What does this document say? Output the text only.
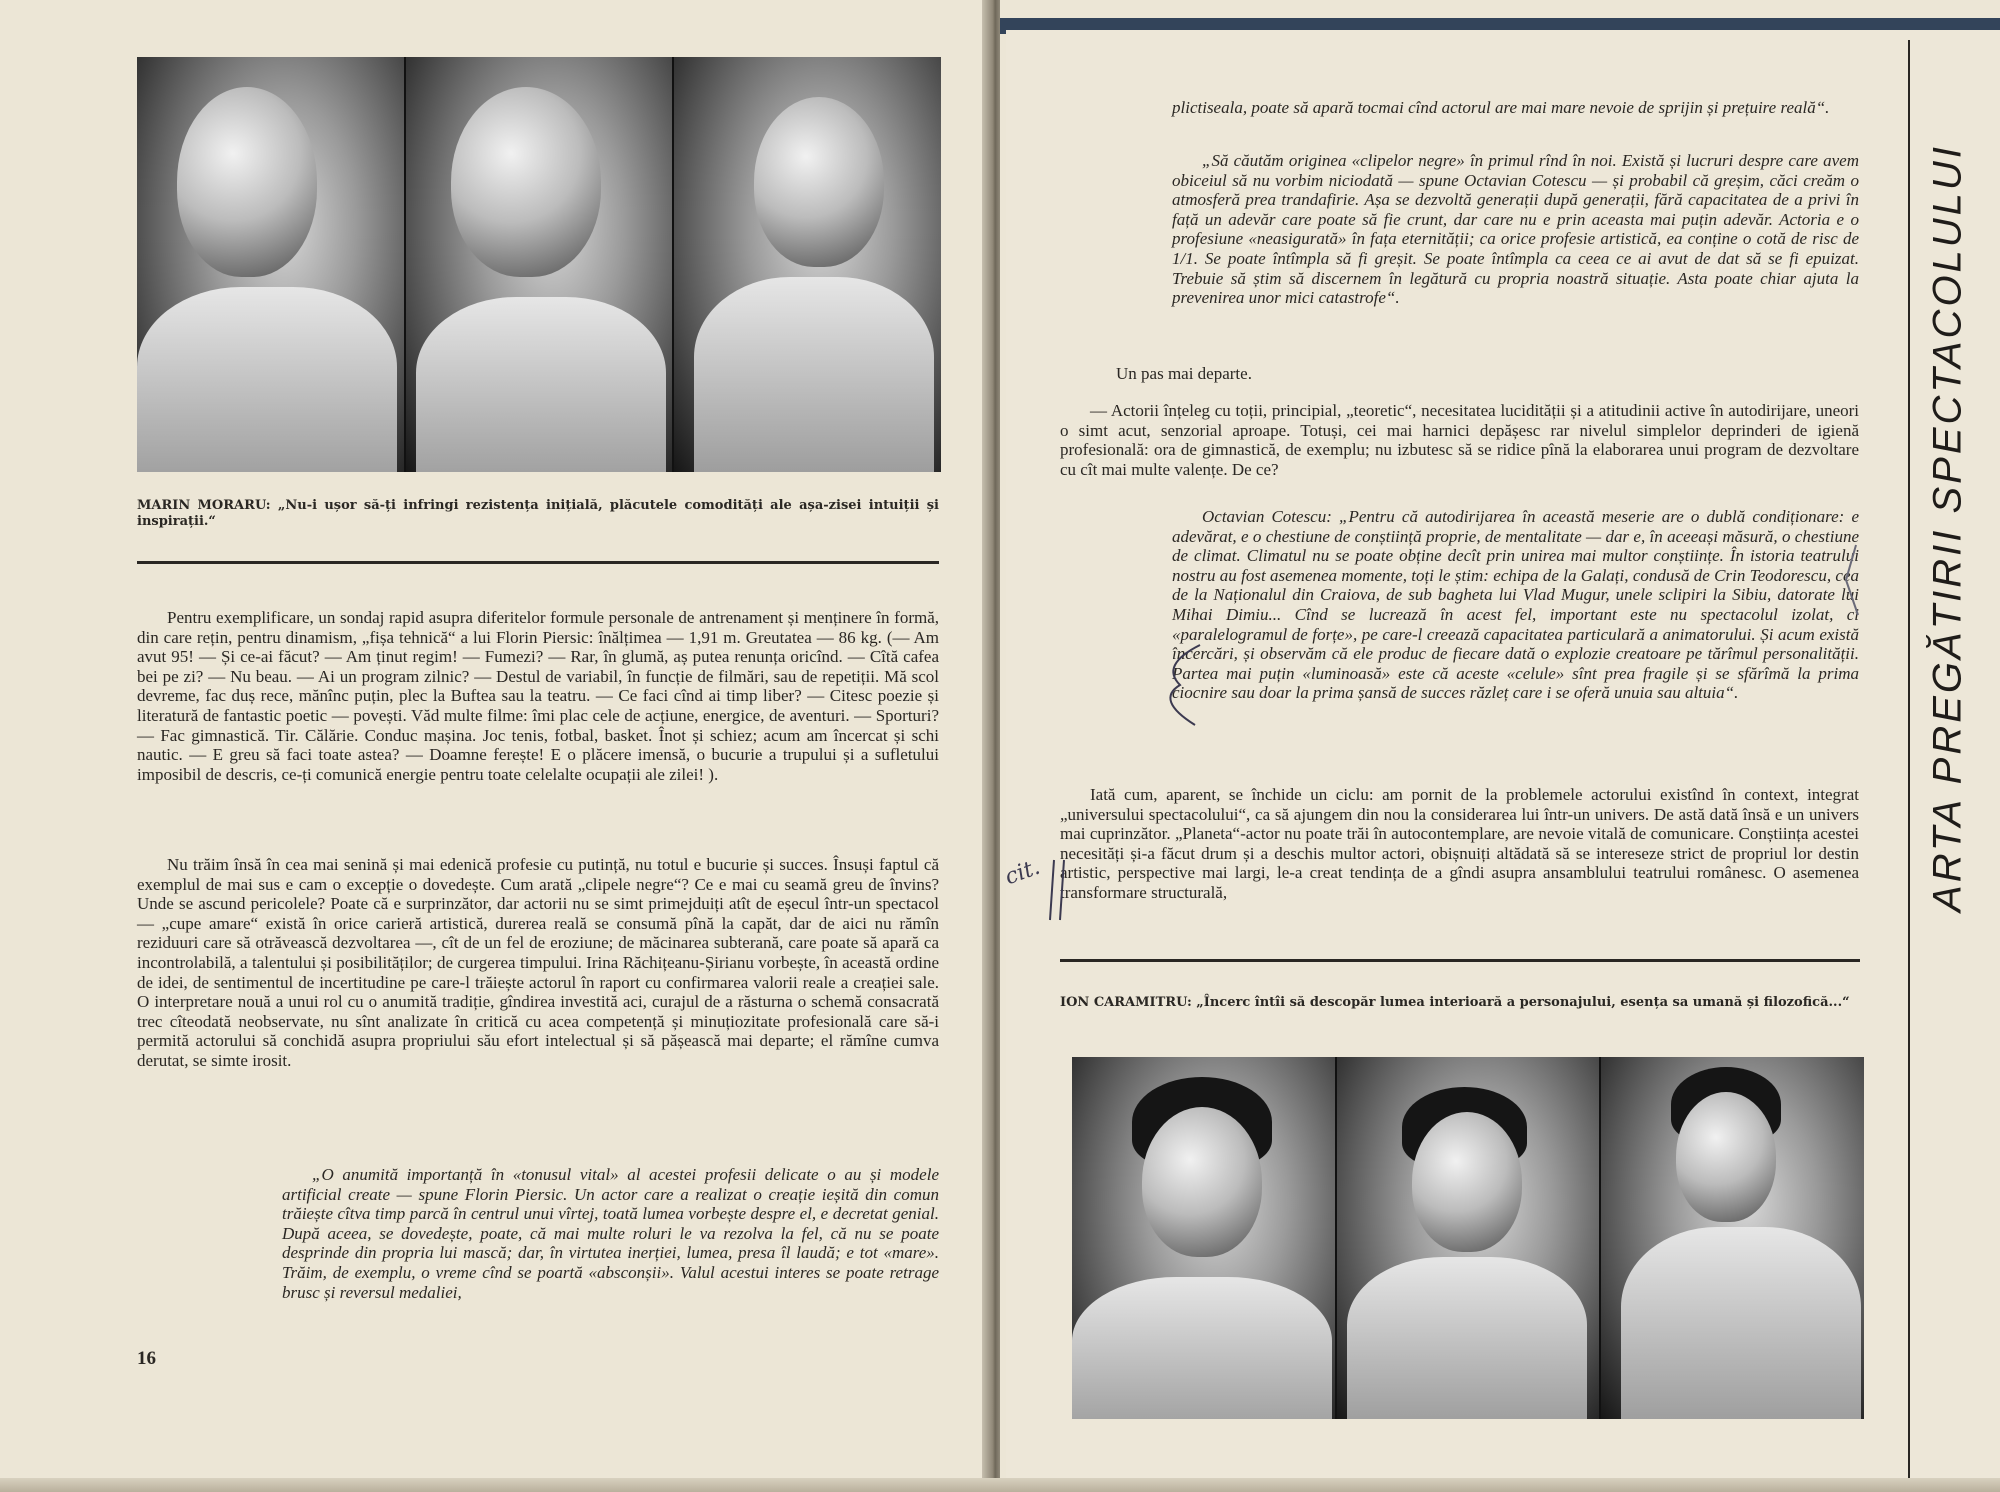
MARIN MORARU: „Nu-i ușor să-ți infringi rezistența inițială, plăcutele comodități ale așa-zisei intuiții și inspirații.“
Pentru exemplificare, un sondaj rapid asupra diferitelor formule personale de antrenament și menținere în formă, din care rețin, pentru dinamism, „fișa tehnică“ a lui Florin Piersic: înălțimea — 1,91 m. Greutatea — 86 kg. (— Am avut 95! — Și ce-ai făcut? — Am ținut regim! — Fumezi? — Rar, în glumă, aș putea renunța oricînd. — Cîtă cafea bei pe zi? — Nu beau. — Ai un program zilnic? — Destul de variabil, în funcție de filmări, sau de repetiții. Mă scol devreme, fac duș rece, mănînc puțin, plec la Buftea sau la teatru. — Ce faci cînd ai timp liber? — Citesc poezie și literatură de fantastic poetic — povești. Văd multe filme: îmi plac cele de acțiune, energice, de aventuri. — Sporturi? — Fac gimnastică. Tir. Călărie. Conduc mașina. Joc tenis, fotbal, basket. Înot și schiez; acum am încercat și schi nautic. — E greu să faci toate astea? — Doamne ferește! E o plăcere imensă, o bucurie a trupului și a sufletului imposibil de descris, ce-ți comunică energie pentru toate celelalte ocupații ale zilei! ).
Nu trăim însă în cea mai senină și mai edenică profesie cu putință, nu totul e bucurie și succes. Însuși faptul că exemplul de mai sus e cam o excepție o dovedește. Cum arată „clipele negre“? Ce e mai cu seamă greu de învins? Unde se ascund pericolele? Poate că e surprinzător, dar actorii nu se simt primejduiți atît de eșecul într-un spectacol — „cupe amare“ există în orice carieră artistică, durerea reală se consumă pînă la capăt, dar de aici nu rămîn reziduuri care să otrăvească dezvoltarea —, cît de un fel de eroziune; de măcinarea subterană, care poate să apară ca incontrolabilă, a talentului și posibilităților; de curgerea timpului. Irina Răchițeanu-Șirianu vorbește, în această ordine de idei, de sentimentul de incertitudine pe care-l trăiește actorul în raport cu confirmarea valorii reale a creației sale. O interpretare nouă a unui rol cu o anumită tradiție, gîndirea investită aci, curajul de a răsturna o schemă consacrată trec cîteodată neobservate, nu sînt analizate în critică cu acea competență și minuțiozitate profesională care să-i permită actorului să conchidă asupra propriului său efort intelectual și să pășească mai departe; el rămîne cumva derutat, se simte irosit.
„O anumită importanță în «tonusul vital» al acestei profesii delicate o au și modele artificial create — spune Florin Piersic. Un actor care a realizat o creație ieșită din comun trăiește cîtva timp parcă în centrul unui vîrtej, toată lumea vorbește despre el, e decretat genial. După aceea, se dovedește, poate, că mai multe roluri le va rezolva la fel, că nu se poate desprinde din propria lui mască; dar, în virtutea inerției, lumea, presa îl laudă; e tot «mare». Trăim, de exemplu, o vreme cînd se poartă «absconșii». Valul acestui interes se poate retrage brusc și reversul medaliei,
16
plictiseala, poate să apară tocmai cînd actorul are mai mare nevoie de sprijin și prețuire reală“.
„Să căutăm originea «clipelor negre» în primul rînd în noi. Există și lucruri despre care avem obiceiul să nu vorbim niciodată — spune Octavian Cotescu — și probabil că greșim, căci creăm o atmosferă prea trandafirie. Așa se dezvoltă generații după generații, fără capacitatea de a privi în față un adevăr care poate să fie crunt, dar care nu e prin aceasta mai puțin adevăr. Actoria e o profesiune «neasigurată» în fața eternității; ca orice profesie artistică, ea conține o cotă de risc de 1/1. Se poate întîmpla să fi greșit. Se poate întîmpla ca ceea ce ai avut de dat să se fi epuizat. Trebuie să știm să discernem în legătură cu propria noastră situație. Asta poate chiar ajuta la prevenirea unor mici catastrofe“.
Un pas mai departe.
— Actorii înțeleg cu toții, principial, „teoretic“, necesitatea lucidității și a atitudinii active în autodirijare, uneori o simt acut, senzorial aproape. Totuși, cei mai harnici depășesc rar nivelul simplelor deprinderi de igienă profesională: ora de gimnastică, de exemplu; nu izbutesc să se ridice pînă la elaborarea unui program de dezvoltare cu cît mai multe valențe. De ce?
Octavian Cotescu: „Pentru că autodirijarea în această meserie are o dublă condiționare: e adevărat, e o chestiune de conștiință proprie, de mentalitate — dar e, în aceeași măsură, o chestiune de climat. Climatul nu se poate obține decît prin unirea mai multor conștiințe. În istoria teatrului nostru au fost asemenea momente, toți le știm: echipa de la Galați, condusă de Crin Teodorescu, cea de la Naționalul din Craiova, de sub bagheta lui Vlad Mugur, unele sclipiri la Sibiu, datorate lui Mihai Dimiu... Cînd se lucrează în acest fel, important este nu spectacolul izolat, ci «paralelogramul de forțe», pe care-l creează capacitatea particulară a animatorului. Și acum există încercări, și observăm că ele produc de fiecare dată o explozie creatoare pe tărîmul personalității. Partea mai puțin «luminoasă» este că aceste «celule» sînt prea fragile și se sfărîmă la prima ciocnire sau doar la prima șansă de succes răzleț care i se oferă unuia sau altuia“.
Iată cum, aparent, se închide un ciclu: am pornit de la problemele actorului existînd în context, integrat „universului spectacolului“, ca să ajungem din nou la considerarea lui într-un univers. De astă dată însă e un univers mai cuprinzător. „Planeta“-actor nu poate trăi în autocontemplare, are nevoie vitală de comunicare. Conștiința acestei necesități și-a făcut drum și a deschis multor actori, obișnuiți altădată să se intereseze strict de propriul lor destin artistic, perspective mai largi, le-a creat tendința de a gîndi asupra ansamblului teatrului românesc. O asemenea transformare structurală,
ION CARAMITRU: „Încerc întîi să descopăr lumea interioară a personajului, esența sa umană și filozofică...“
ARTA PREGĂTIRII SPECTACOLULUI
cit.
